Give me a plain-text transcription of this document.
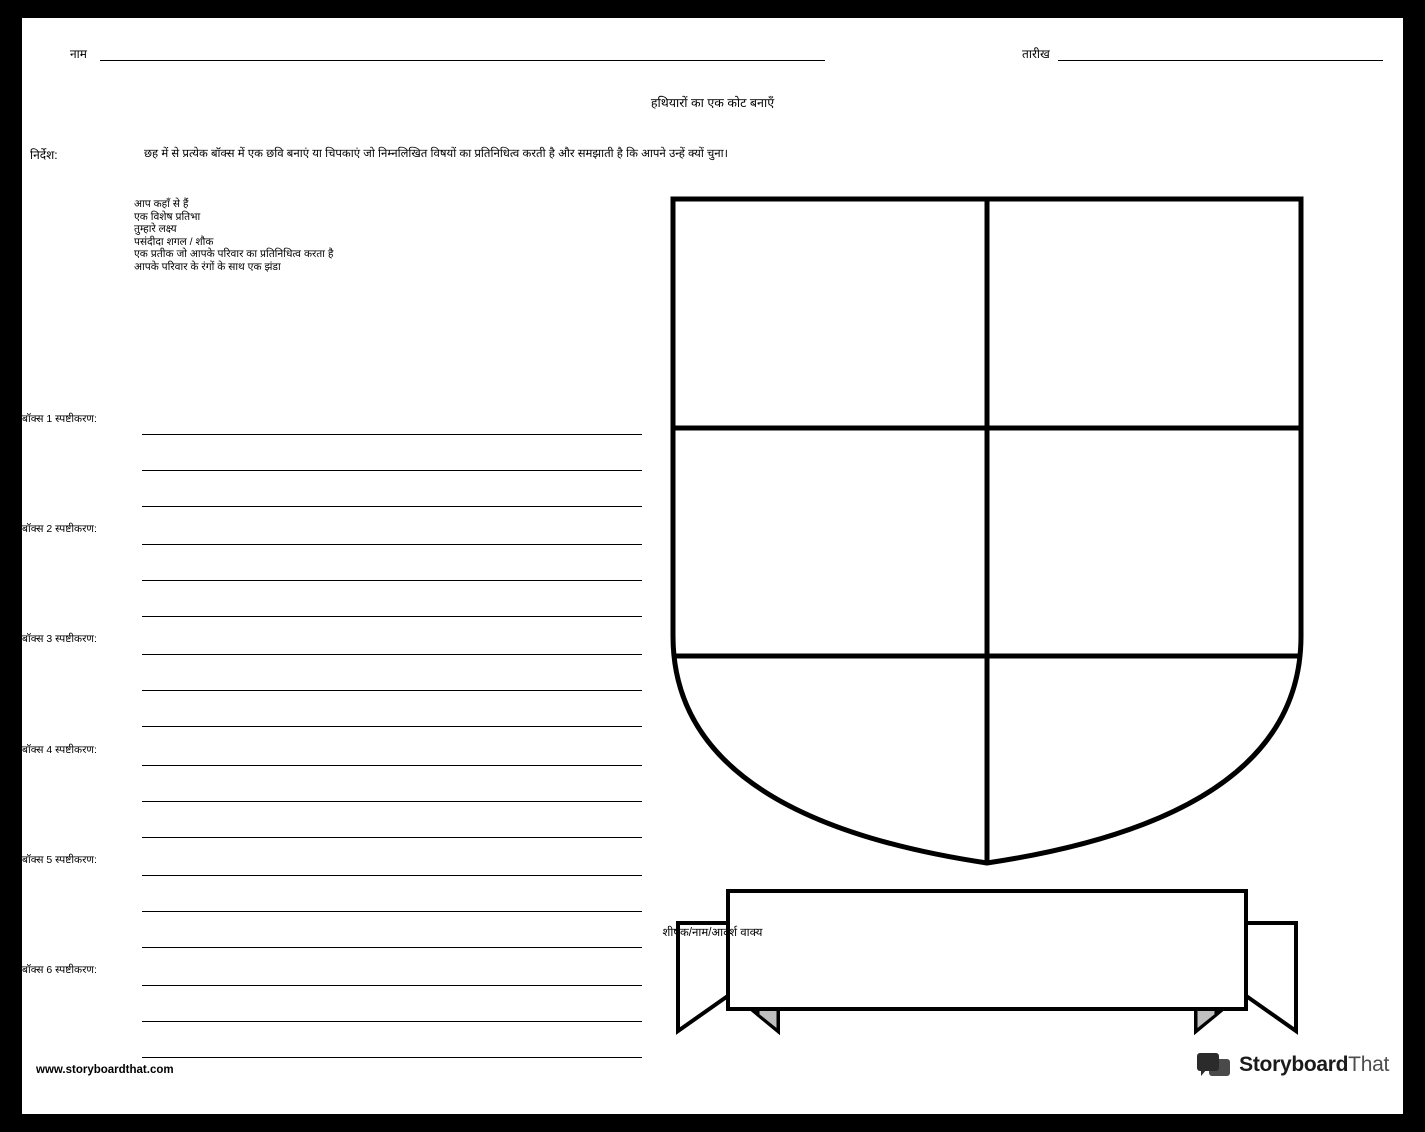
नाम	तारीख
हथियारों का एक कोट बनाएँ
निर्देश:	छह में से प्रत्येक बॉक्स में एक छवि बनाएं या चिपकाएं जो निम्नलिखित विषयों का प्रतिनिधित्व करती है और समझाती है कि आपने उन्हें क्यों चुना।
आप कहाँ से हैं
एक विशेष प्रतिभा
तुम्हारे लक्ष्य
पसंदीदा शगल / शौक
एक प्रतीक जो आपके परिवार का प्रतिनिधित्व करता है
आपके परिवार के रंगों के साथ एक झंडा
बॉक्स 1 स्पष्टीकरण:
बॉक्स 2 स्पष्टीकरण:
बॉक्स 3 स्पष्टीकरण:
बॉक्स 4 स्पष्टीकरण:
बॉक्स 5 स्पष्टीकरण:
बॉक्स 6 स्पष्टीकरण:
शीर्षक/नाम/आदर्श वाक्य
www.storyboardthat.com	StoryboardThat
